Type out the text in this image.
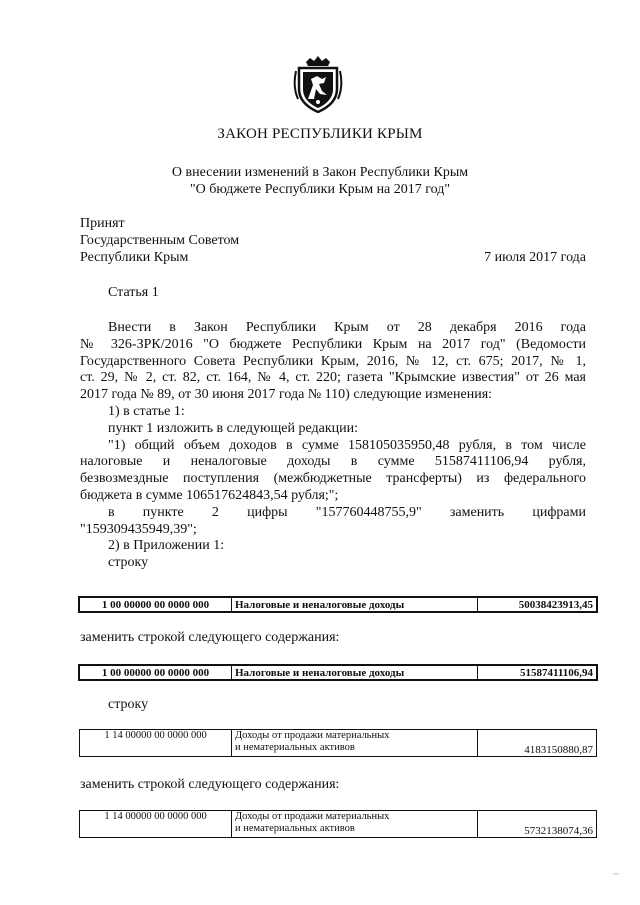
ЗАКОН РЕСПУБЛИКИ КРЫМ
О внесении изменений в Закон Республики Крым
"О бюджете Республики Крым на 2017 год"
Принят
Государственным Советом
Республики Крым	7 июля 2017 года
Статья 1

Внести в Закон Республики Крым от 28 декабря 2016 года

№ 326-ЗРК/2016 "О бюджете Республики Крым на 2017 год" (Ведомости

Государственного Совета Республики Крым, 2016, № 12, ст. 675; 2017, № 1,

ст. 29, № 2, ст. 82, ст. 164, № 4, ст. 220; газета "Крымские известия" от 26 мая

2017 года № 89, от 30 июня 2017 года № 110) следующие изменения:

1) в статье 1:

пункт 1 изложить в следующей редакции:

"1) общий объем доходов в сумме 158105035950,48 рубля, в том числе

налоговые и неналоговые доходы в сумме 51587411106,94 рубля,

безвозмездные поступления (межбюджетные трансферты) из федерального

бюджета в сумме 106517624843,54 рубля;";

в пункте 2 цифры "157760448755,9" заменить цифрами

"159309435949,39";

2) в Приложении 1:

строку

1 00 00000 00 0000 000	Налоговые и неналоговые доходы	50038423913,45
заменить строкой следующего содержания:
1 00 00000 00 0000 000	Налоговые и неналоговые доходы	51587411106,94
строку
1 14 00000 00 0000 000	Доходы от продажи материальных
и нематериальных активов	4183150880,87
заменить строкой следующего содержания:
1 14 00000 00 0000 000	Доходы от продажи материальных
и нематериальных активов	5732138074,36
